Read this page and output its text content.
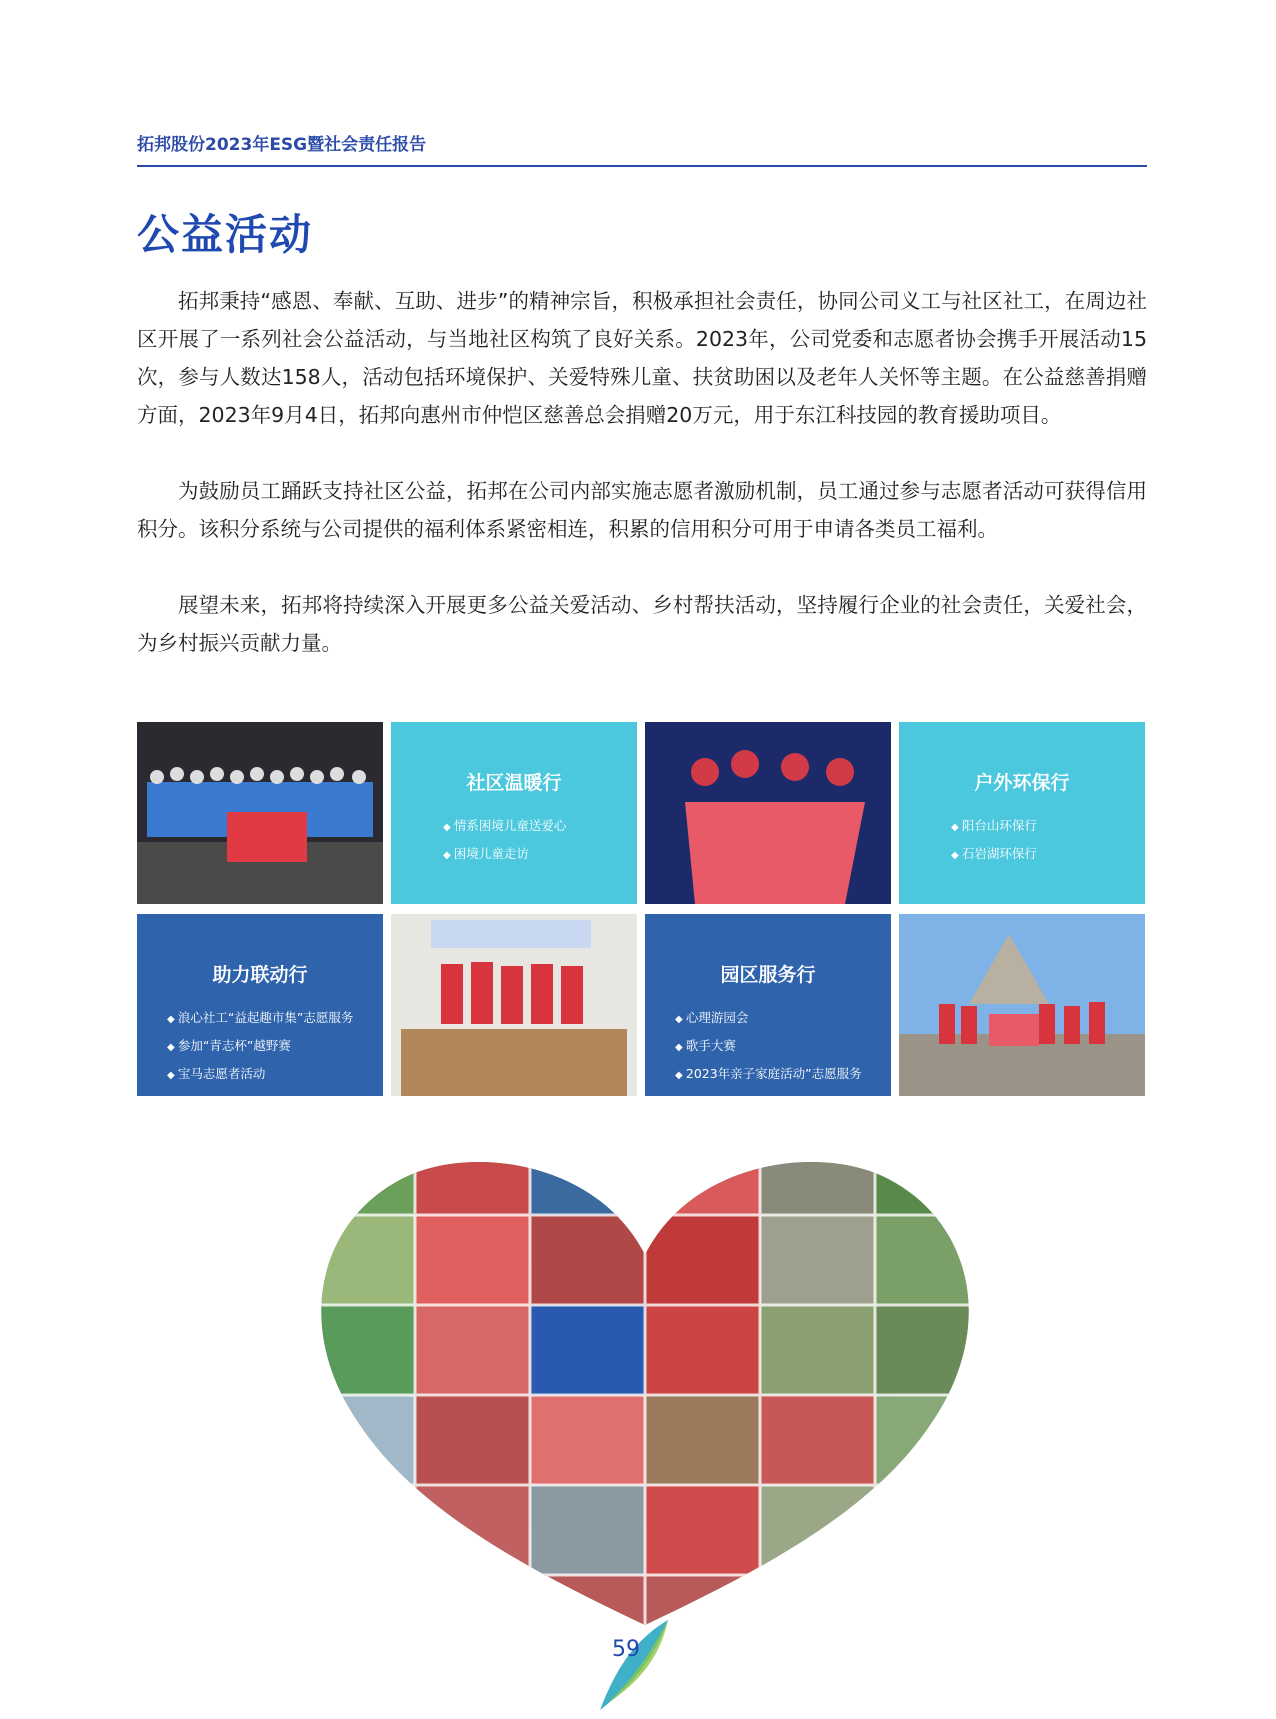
拓邦股份2023年ESG暨社会责任报告
公益活动

拓邦秉持“感恩、奉献、互助、进步”的精神宗旨，积极承担社会责任，协同公司义工与社区社工，在周边社区开展了一系列社会公益活动，与当地社区构筑了良好关系。2023年，公司党委和志愿者协会携手开展活动15次，参与人数达158人，活动包括环境保护、关爱特殊儿童、扶贫助困以及老年人关怀等主题。在公益慈善捐赠方面，2023年9月4日，拓邦向惠州市仲恺区慈善总会捐赠20万元，用于东江科技园的教育援助项目。

为鼓励员工踊跃支持社区公益，拓邦在公司内部实施志愿者激励机制，员工通过参与志愿者活动可获得信用积分。该积分系统与公司提供的福利体系紧密相连，积累的信用积分可用于申请各类员工福利。

展望未来，拓邦将持续深入开展更多公益关爱活动、乡村帮扶活动，坚持履行企业的社会责任，关爱社会，为乡村振兴贡献力量。

社区温暖行
◆ 情系困境儿童送爱心
◆ 困境儿童走访
户外环保行
◆ 阳台山环保行
◆ 石岩湖环保行
助力联动行
◆ 浪心社工“益起趣市集”志愿服务
◆ 参加“青志杯”越野赛
◆ 宝马志愿者活动
园区服务行
◆ 心理游园会
◆ 歌手大赛
◆ 2023年亲子家庭活动”志愿服务
59
